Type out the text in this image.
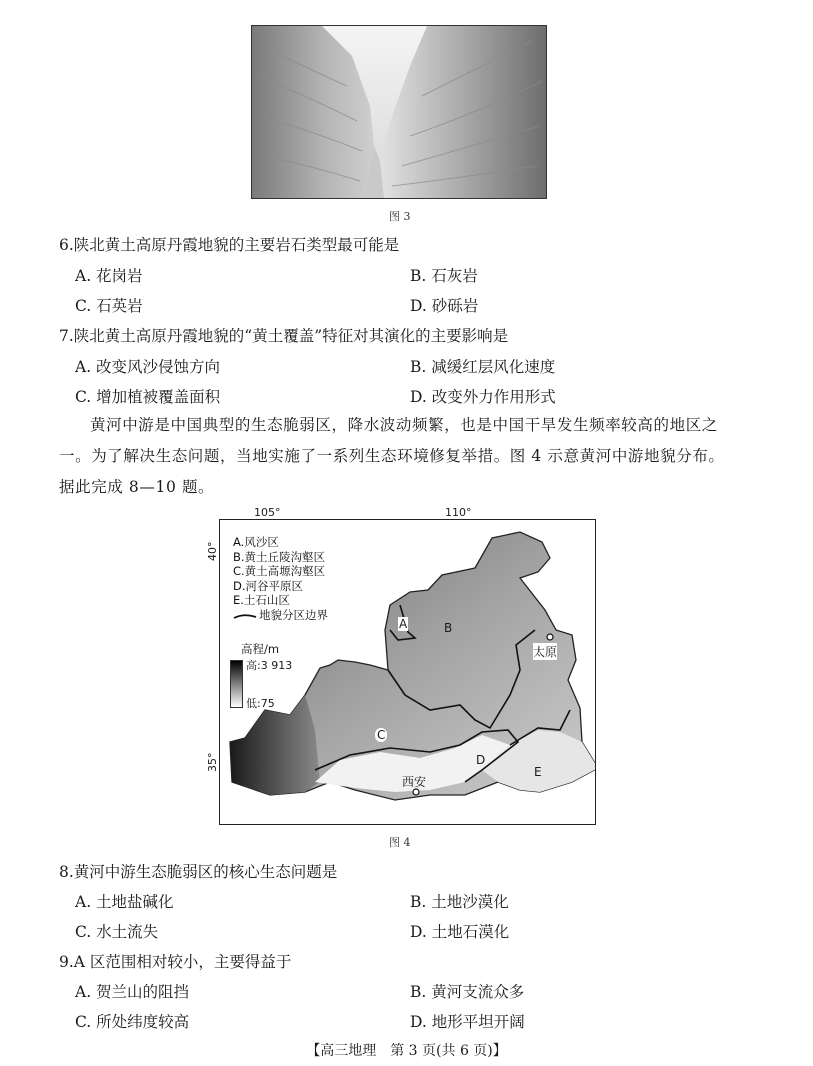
图 3
6.陕北黄土高原丹霞地貌的主要岩石类型最可能是
A. 花岗岩	B. 石灰岩
C. 石英岩	D. 砂砾岩
7.陕北黄土高原丹霞地貌的“黄土覆盖”特征对其演化的主要影响是
A. 改变风沙侵蚀方向	B. 减缓红层风化速度
C. 增加植被覆盖面积	D. 改变外力作用形式
黄河中游是中国典型的生态脆弱区，降水波动频繁，也是中国干旱发生频率较高的地区之
一。为了解决生态问题，当地实施了一系列生态环境修复举措。图 4 示意黄河中游地貌分布。
据此完成 8—10 题。
105°	110°
40°
35°
A.风沙区
B.黄土丘陵沟壑区
C.黄土高塬沟壑区
D.河谷平原区
E.土石山区
地貌分区边界
高程/m
高:3 913
低:75
A	B
C
D
E
太原
西安
图 4
8.黄河中游生态脆弱区的核心生态问题是
A. 土地盐碱化	B. 土地沙漠化
C. 水土流失	D. 土地石漠化
9.A 区范围相对较小，主要得益于
A. 贺兰山的阻挡	B. 黄河支流众多
C. 所处纬度较高	D. 地形平坦开阔
【高三地理　第 3 页(共 6 页)】
